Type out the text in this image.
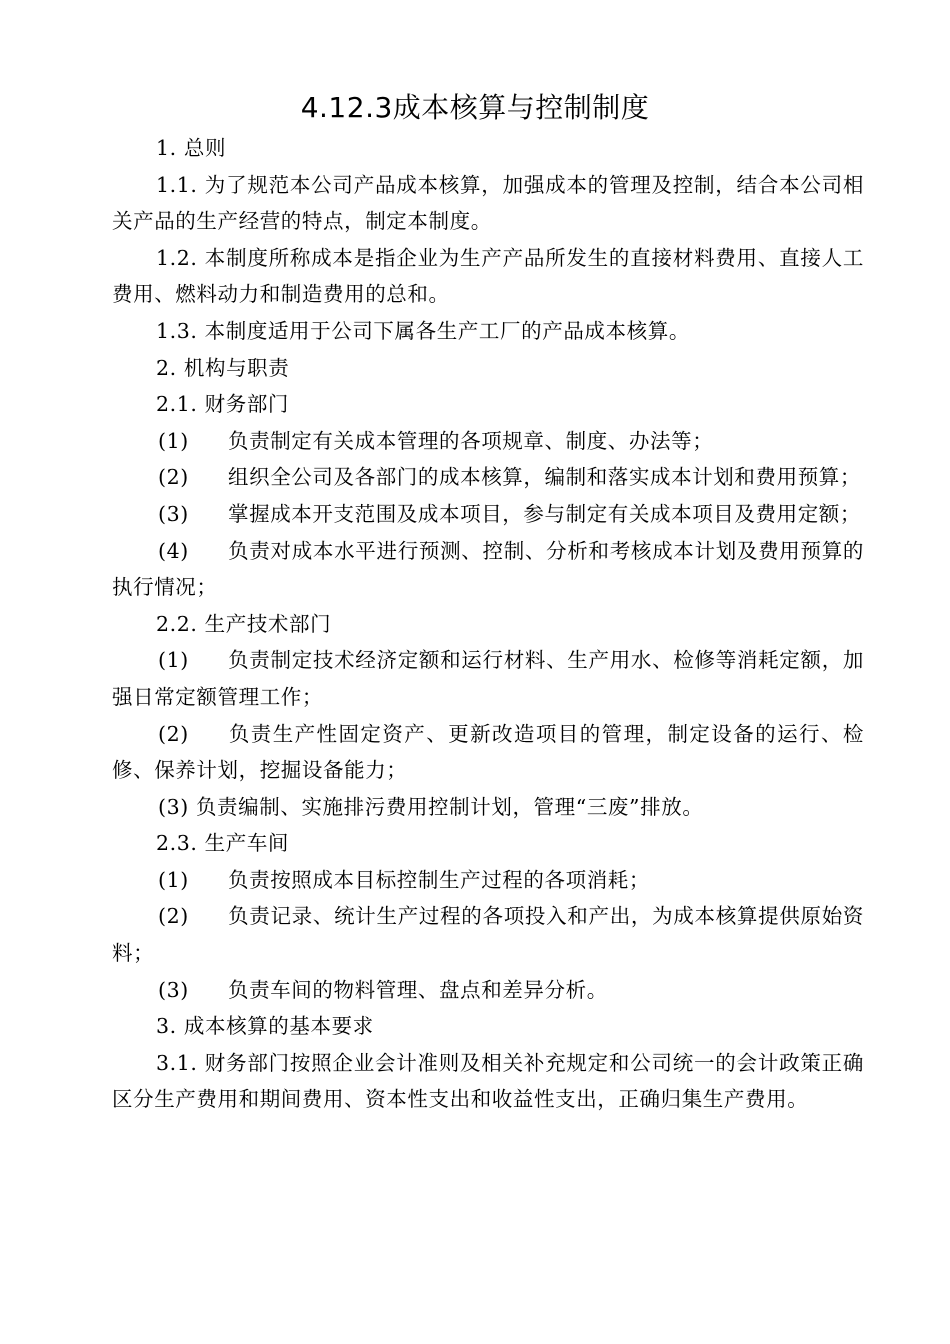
4.12.3成本核算与控制制度

1. 总则

1.1. 为了规范本公司产品成本核算，加强成本的管理及控制，结合本公司相关产品的生产经营的特点，制定本制度。

1.2. 本制度所称成本是指企业为生产产品所发生的直接材料费用、直接人工费用、燃料动力和制造费用的总和。

1.3. 本制度适用于公司下属各生产工厂的产品成本核算。

2. 机构与职责

2.1. 财务部门

(1) 负责制定有关成本管理的各项规章、制度、办法等；

(2) 组织全公司及各部门的成本核算，编制和落实成本计划和费用预算；

(3) 掌握成本开支范围及成本项目，参与制定有关成本项目及费用定额；

(4) 负责对成本水平进行预测、控制、分析和考核成本计划及费用预算的执行情况；

2.2. 生产技术部门

(1) 负责制定技术经济定额和运行材料、生产用水、检修等消耗定额，加强日常定额管理工作；

(2) 负责生产性固定资产、更新改造项目的管理，制定设备的运行、检修、保养计划，挖掘设备能力；

(3) 负责编制、实施排污费用控制计划，管理“三废”排放。

2.3. 生产车间

(1) 负责按照成本目标控制生产过程的各项消耗；

(2) 负责记录、统计生产过程的各项投入和产出，为成本核算提供原始资料；

(3) 负责车间的物料管理、盘点和差异分析。

3. 成本核算的基本要求

3.1. 财务部门按照企业会计准则及相关补充规定和公司统一的会计政策正确区分生产费用和期间费用、资本性支出和收益性支出，正确归集生产费用。
